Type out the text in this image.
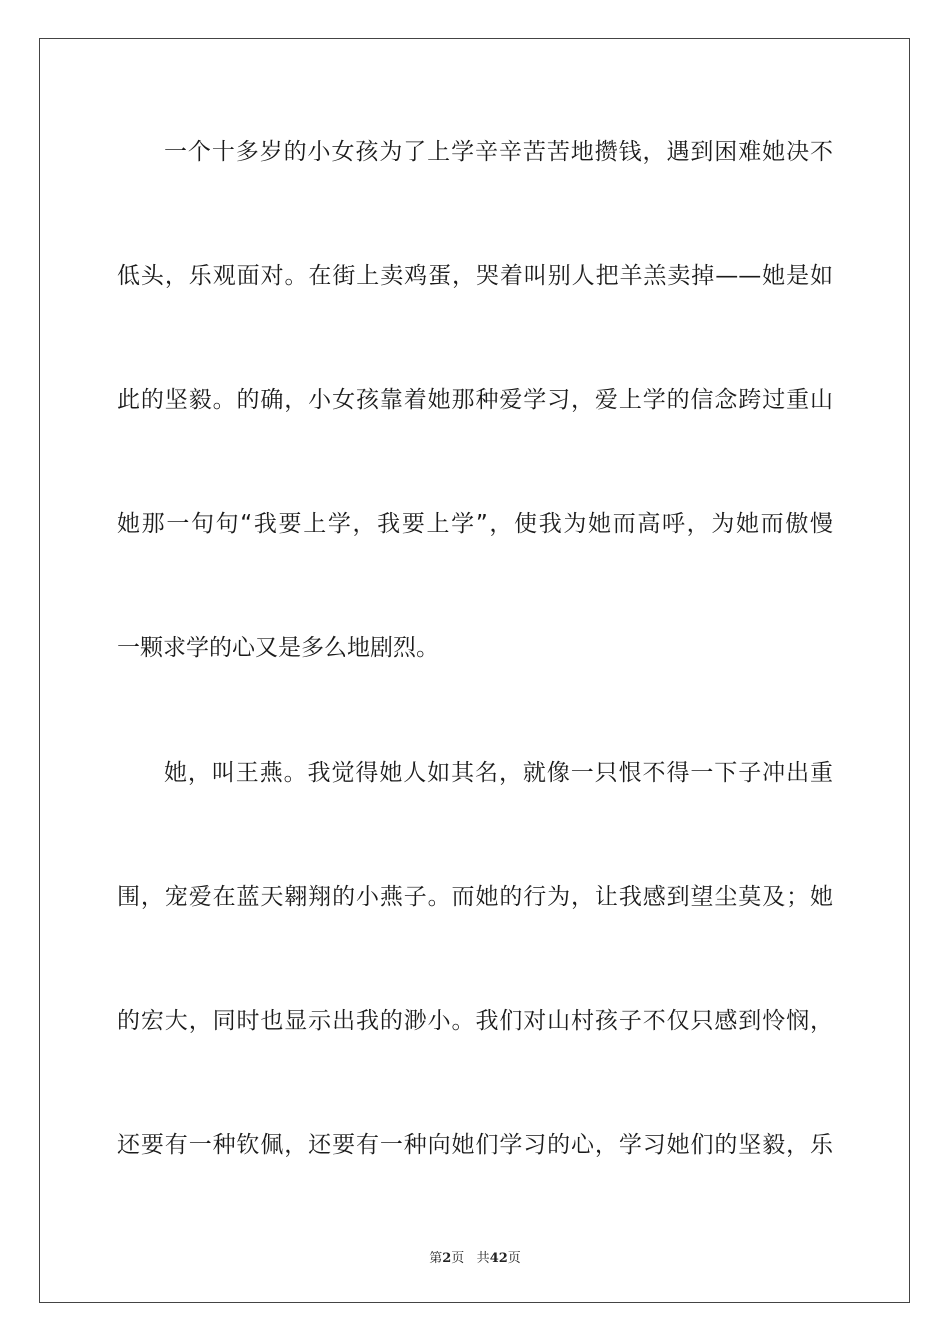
一个十多岁的小女孩为了上学辛辛苦苦地攒钱，遇到困难她决不
低头，乐观面对。在街上卖鸡蛋，哭着叫别人把羊羔卖掉——她是如
此的坚毅。的确，小女孩靠着她那种爱学习，爱上学的信念跨过重山
她那一句句“我要上学，我要上学”，使我为她而高呼，为她而傲慢
一颗求学的心又是多么地剧烈。
她，叫王燕。我觉得她人如其名，就像一只恨不得一下子冲出重
围，宠爱在蓝天翱翔的小燕子。而她的行为，让我感到望尘莫及；她
的宏大，同时也显示出我的渺小。我们对山村孩子不仅只感到怜悯，
还要有一种钦佩，还要有一种向她们学习的心，学习她们的坚毅，乐
第2页 共42页
